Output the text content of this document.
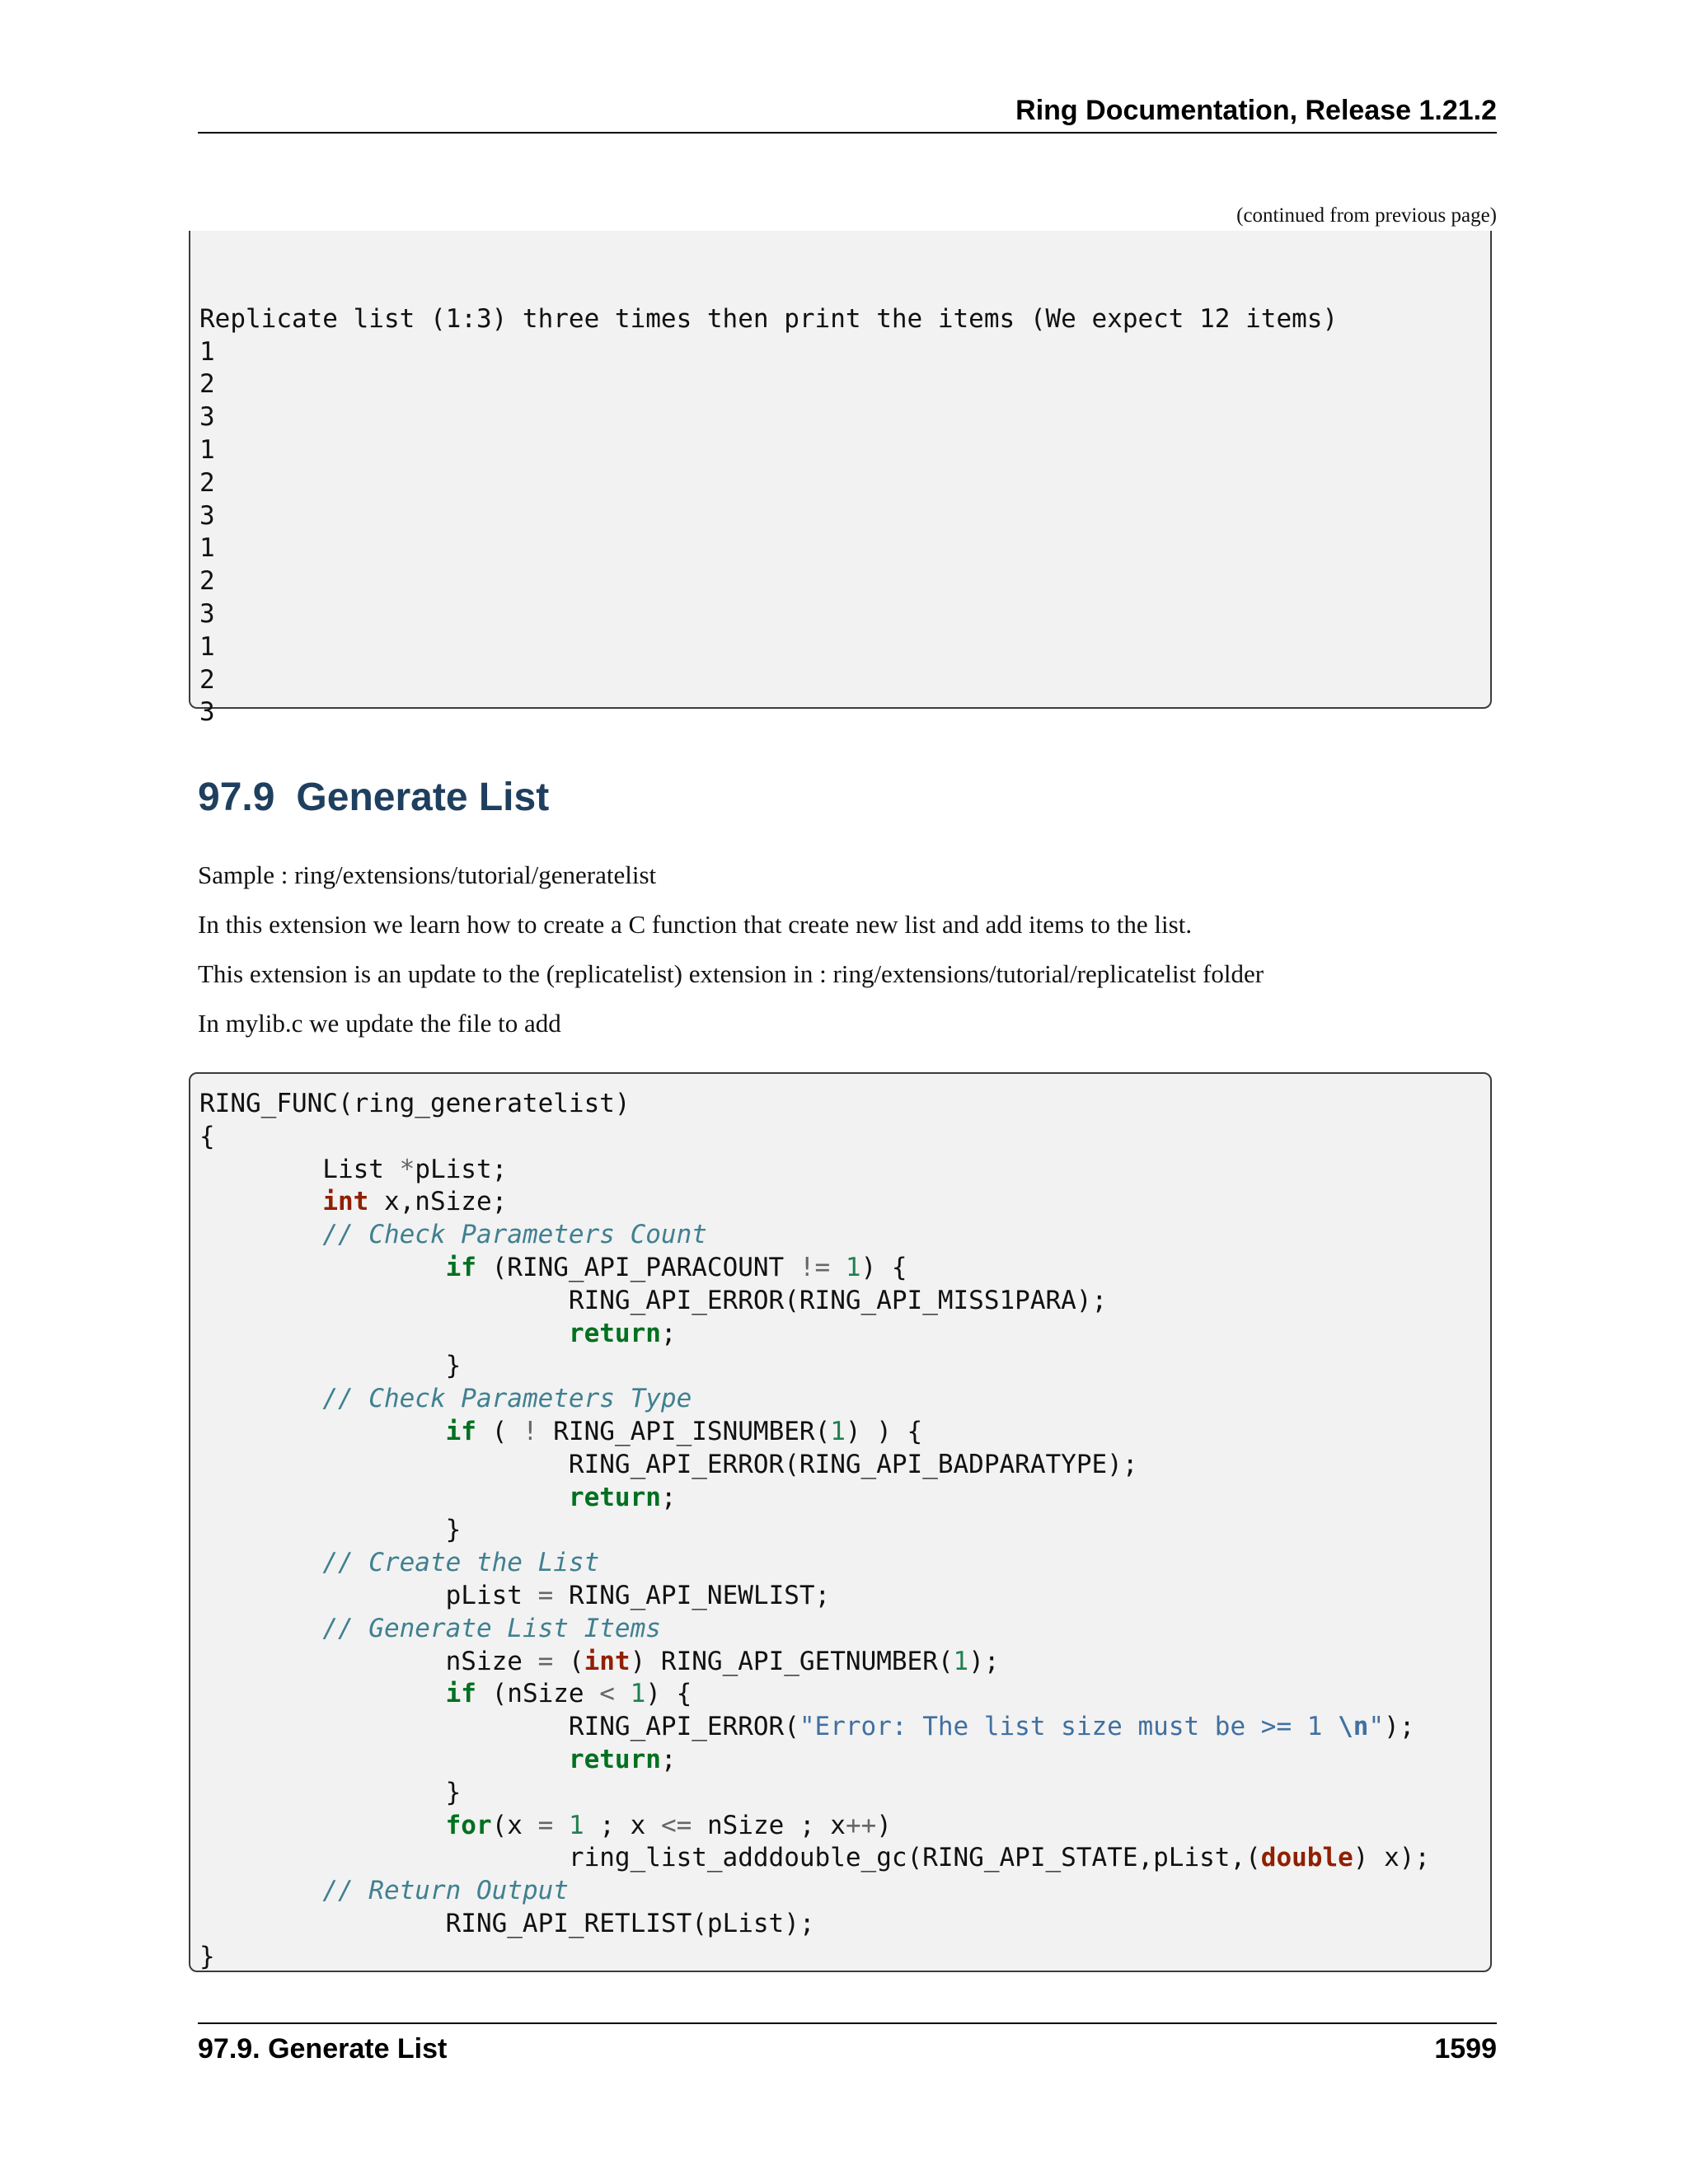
Ring Documentation, Release 1.21.2
(continued from previous page)

Replicate list (1:3) three times then print the items (We expect 12 items)
1
2
3
1
2
3
1
2
3
1
2
3
97.9 Generate List

Sample : ring/extensions/tutorial/generatelist

In this extension we learn how to create a C function that create new list and add items to the list.

This extension is an update to the (replicatelist) extension in : ring/extensions/tutorial/replicatelist folder

In mylib.c we update the file to add

RING_FUNC(ring_generatelist)
{
List *pList;
int x,nSize;
// Check Parameters Count
if (RING_API_PARACOUNT != 1) {
RING_API_ERROR(RING_API_MISS1PARA);
return;
}
// Check Parameters Type
if ( ! RING_API_ISNUMBER(1) ) {
RING_API_ERROR(RING_API_BADPARATYPE);
return;
}
// Create the List
pList = RING_API_NEWLIST;
// Generate List Items
nSize = (int) RING_API_GETNUMBER(1);
if (nSize < 1) {
RING_API_ERROR("Error: The list size must be >= 1 \n");
return;
}
for(x = 1 ; x <= nSize ; x++)
ring_list_adddouble_gc(RING_API_STATE,pList,(double) x);
// Return Output
RING_API_RETLIST(pList);
}
97.9. Generate List	1599
